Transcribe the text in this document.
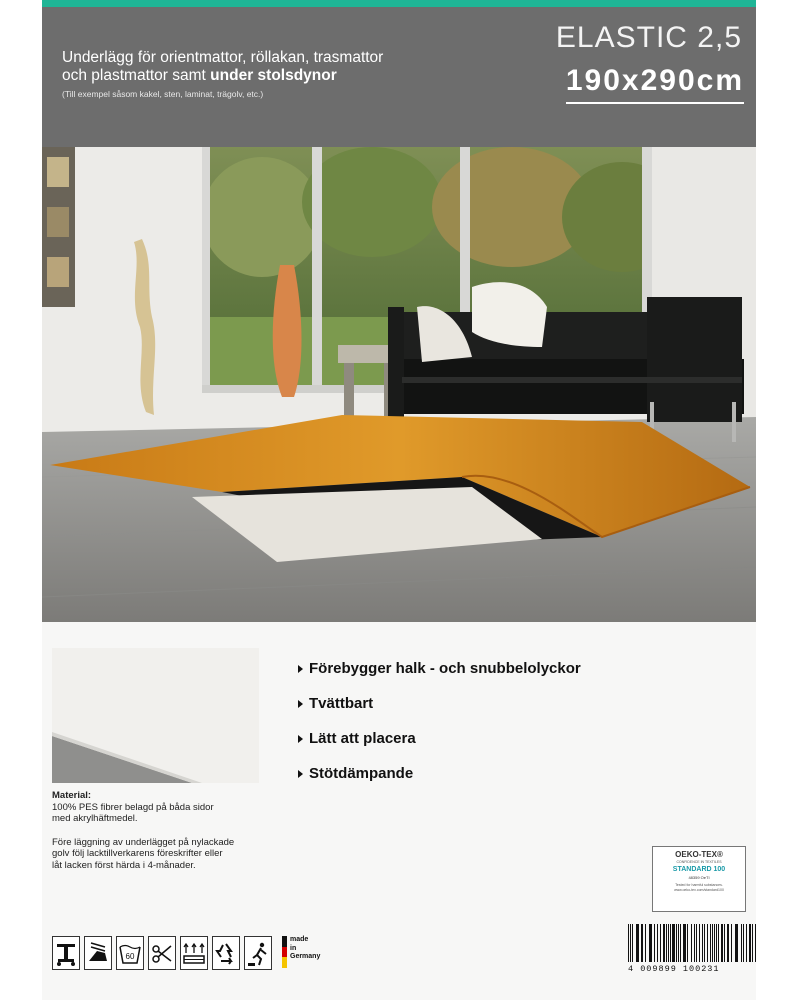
Underlägg för orientmattor, röllakan, trasmattor
och plastmattor samt under stolsdynor
(Till exempel såsom kakel, sten, laminat, trägolv, etc.)
ELASTIC 2,5
190x290cm
Förebygger halk - och snubbelolyckor
Tvättbart
Lätt att placera
Stötdämpande
Material:
100% PES fibrer belagd på båda sidor
med akrylhäftmedel.
Före läggning av underlägget på nylackade
golv följ lacktillverkarens föreskrifter eller
låt lacken först härda i 4-månader.
OEKO-TEX®
CONFIDENCE IN TEXTILES
STANDARD 100
48359 OeTI
Tested for harmful substances.
www.oeko-tex.com/standard100
60
made
in
Germany
4 009899 100231
